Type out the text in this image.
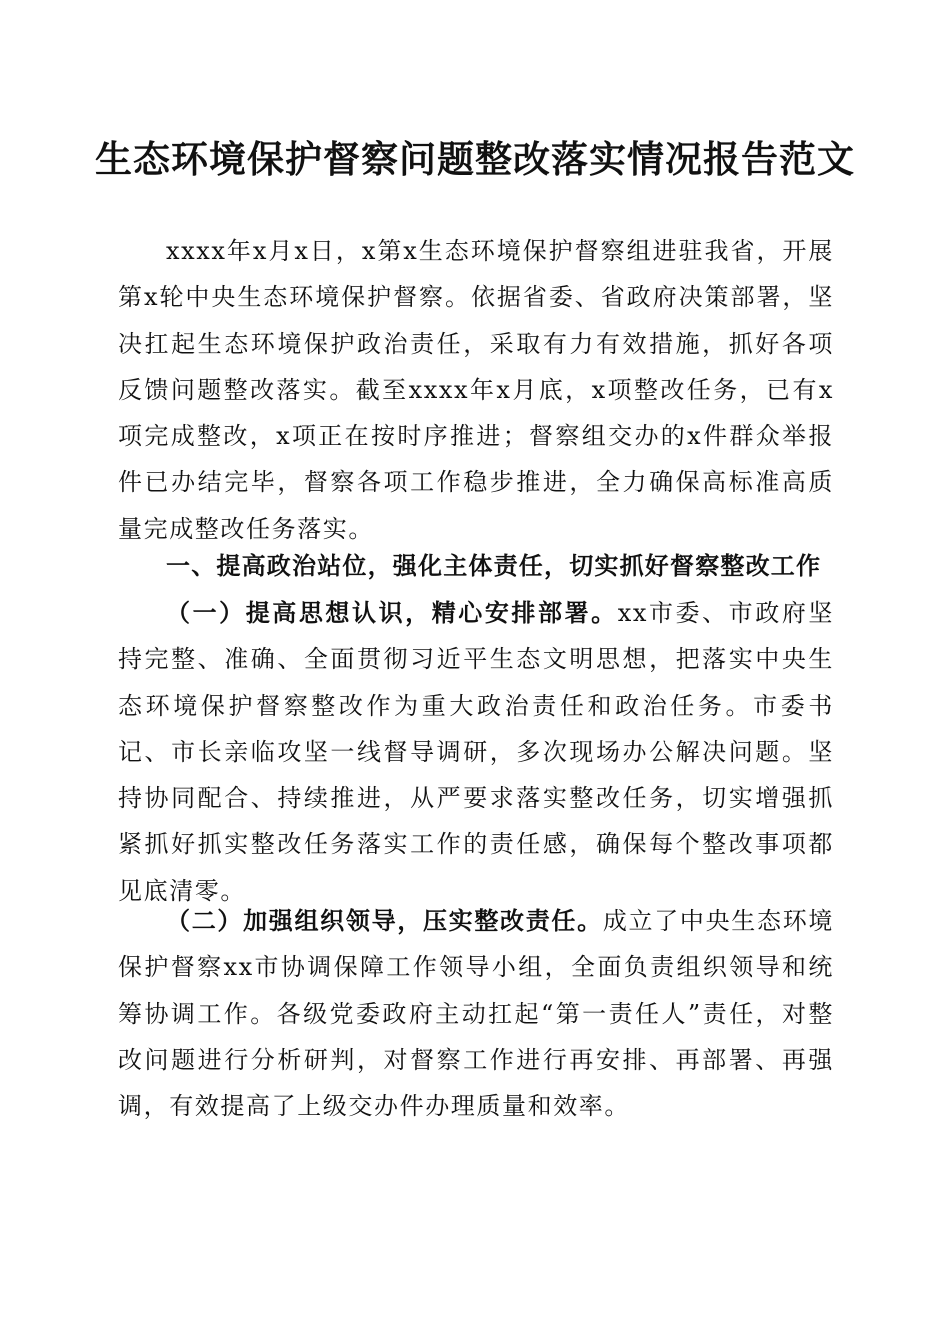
生态环境保护督察问题整改落实情况报告范文

xxxx年x月x日，x第x生态环境保护督察组进驻我省，开展第x轮中央生态环境保护督察。依据省委、省政府决策部署，坚决扛起生态环境保护政治责任，采取有力有效措施，抓好各项反馈问题整改落实。截至xxxx年x月底，x项整改任务，已有x项完成整改，x项正在按时序推进；督察组交办的x件群众举报件已办结完毕，督察各项工作稳步推进，全力确保高标准高质量完成整改任务落实。

一、提高政治站位，强化主体责任，切实抓好督察整改工作

（一）提高思想认识，精心安排部署。xx市委、市政府坚持完整、准确、全面贯彻习近平生态文明思想，把落实中央生态环境保护督察整改作为重大政治责任和政治任务。市委书记、市长亲临攻坚一线督导调研，多次现场办公解决问题。坚持协同配合、持续推进，从严要求落实整改任务，切实增强抓紧抓好抓实整改任务落实工作的责任感，确保每个整改事项都见底清零。

（二）加强组织领导，压实整改责任。成立了中央生态环境保护督察xx市协调保障工作领导小组，全面负责组织领导和统筹协调工作。各级党委政府主动扛起“第一责任人”责任，对整改问题进行分析研判，对督察工作进行再安排、再部署、再强调，有效提高了上级交办件办理质量和效率。
